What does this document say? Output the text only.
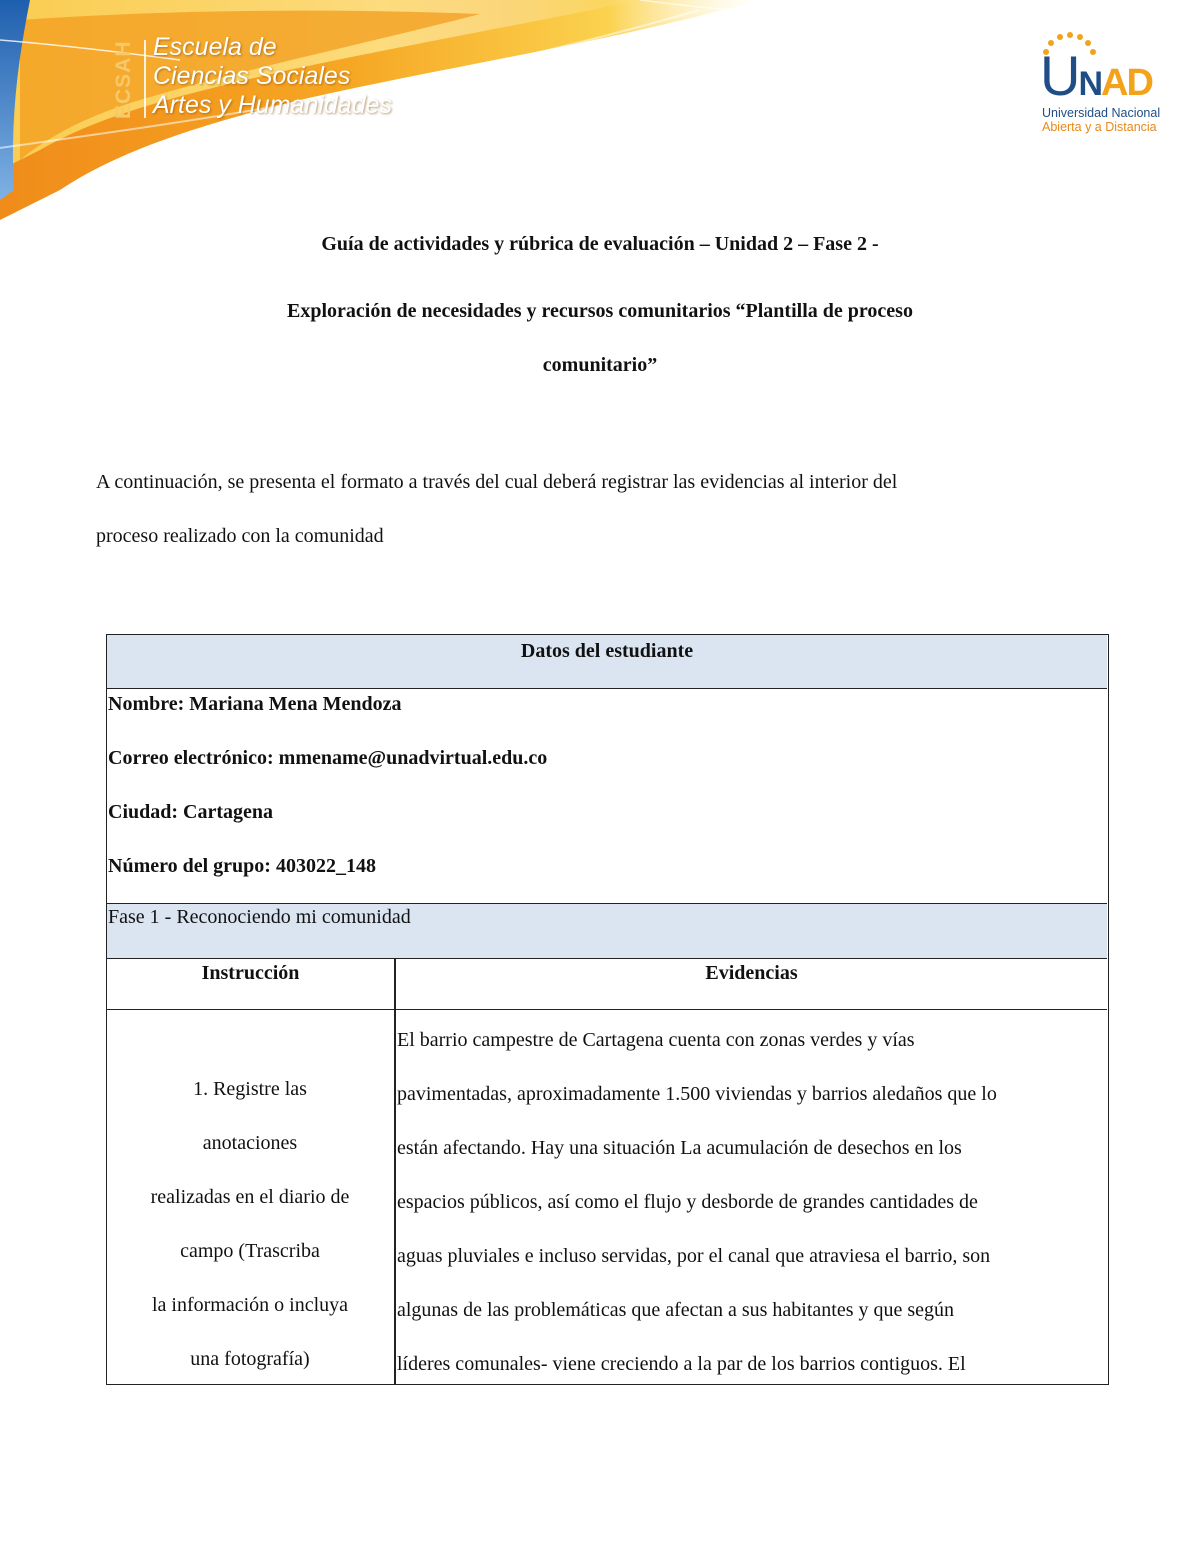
ECSAH Escuela de
Ciencias Sociales
Artes y Humanidades	UNAD
Universidad Nacional
Abierta y a Distancia
Guía de actividades y rúbrica de evaluación – Unidad 2 – Fase 2 -
Exploración de necesidades y recursos comunitarios “Plantilla de proceso
comunitario”
A continuación, se presenta el formato a través del cual deberá registrar las evidencias al interior del
proceso realizado con la comunidad
Datos del estudiante
Nombre: Mariana Mena Mendoza
Correo electrónico: mmename@unadvirtual.edu.co
Ciudad: Cartagena
Número del grupo: 403022_148
Fase 1 - Reconociendo mi comunidad
Instrucción	Evidencias
1. Registre las
anotaciones
realizadas en el diario de
campo (Trascriba
la información o incluya
una fotografía)
El barrio campestre de Cartagena cuenta con zonas verdes y vías
pavimentadas, aproximadamente 1.500 viviendas y barrios aledaños que lo
están afectando. Hay una situación La acumulación de desechos en los
espacios públicos, así como el flujo y desborde de grandes cantidades de
aguas pluviales e incluso servidas, por el canal que atraviesa el barrio, son
algunas de las problemáticas que afectan a sus habitantes y que según
líderes comunales- viene creciendo a la par de los barrios contiguos. El
